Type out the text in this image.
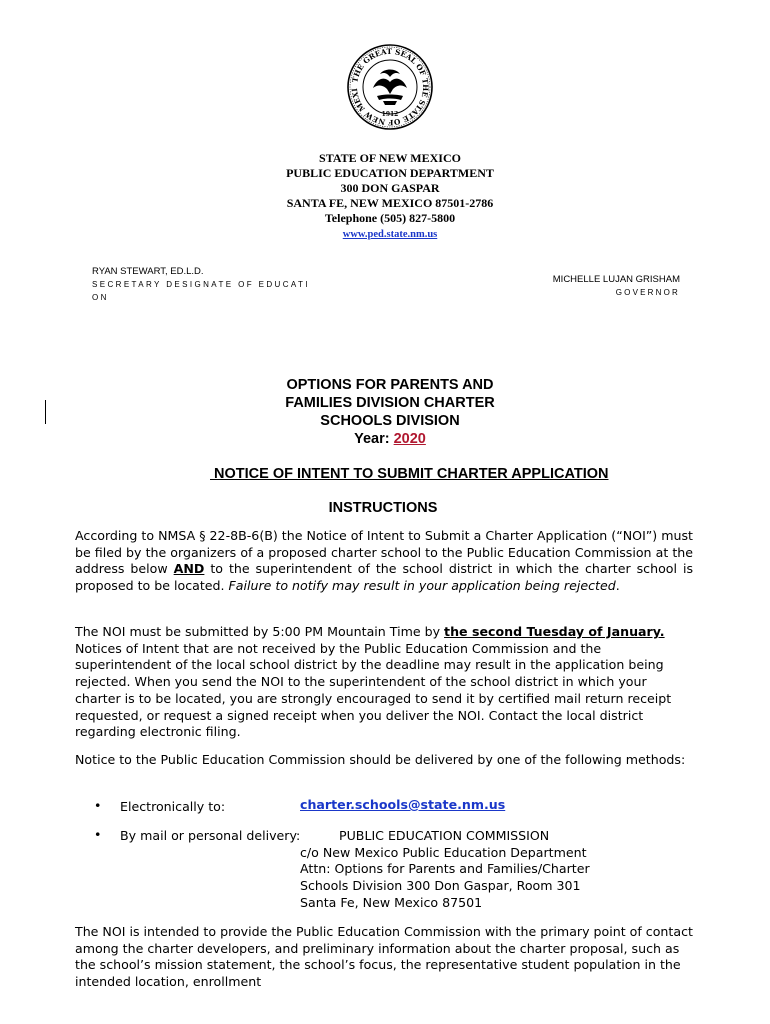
THE GREAT SEAL OF THE STATE OF NEW MEXI
1912
STATE OF NEW MEXICO
PUBLIC EDUCATION DEPARTMENT
300 DON GASPAR
SANTA FE, NEW MEXICO 87501-2786
Telephone (505) 827-5800
www.ped.state.nm.us
RYAN STEWART, ED.L.D.
SECRETARY DESIGNATE OF EDUCATI
ON
MICHELLE LUJAN GRISHAM
GOVERNOR
OPTIONS FOR PARENTS AND
FAMILIES DIVISION CHARTER
SCHOOLS DIVISION
Year: 2020
NOTICE OF INTENT TO SUBMIT CHARTER APPLICATION
INSTRUCTIONS
According to NMSA § 22-8B-6(B) the Notice of Intent to Submit a Charter Application (“NOI”) must be filed by the organizers of a proposed charter school to the Public Education Commission at the address below AND to the superintendent of the school district in which the charter school is proposed to be located. Failure to notify may result in your application being rejected.
The NOI must be submitted by 5:00 PM Mountain Time by the second Tuesday of January. Notices of Intent that are not received by the Public Education Commission and the superintendent of the local school district by the deadline may result in the application being rejected. When you send the NOI to the superintendent of the school district in which your charter is to be located, you are strongly encouraged to send it by certified mail return receipt requested, or request a signed receipt when you deliver the NOI. Contact the local district regarding electronic filing.
Notice to the Public Education Commission should be delivered by one of the following methods:
• Electronically to:	charter.schools@state.nm.us
• By mail or personal delivery:	PUBLIC EDUCATION COMMISSION
c/o New Mexico Public Education Department
Attn: Options for Parents and Families/Charter
Schools Division 300 Don Gaspar, Room 301
Santa Fe, New Mexico 87501
The NOI is intended to provide the Public Education Commission with the primary point of contact among the charter developers, and preliminary information about the charter proposal, such as the school’s mission statement, the school’s focus, the representative student population in the intended location, enrollment
